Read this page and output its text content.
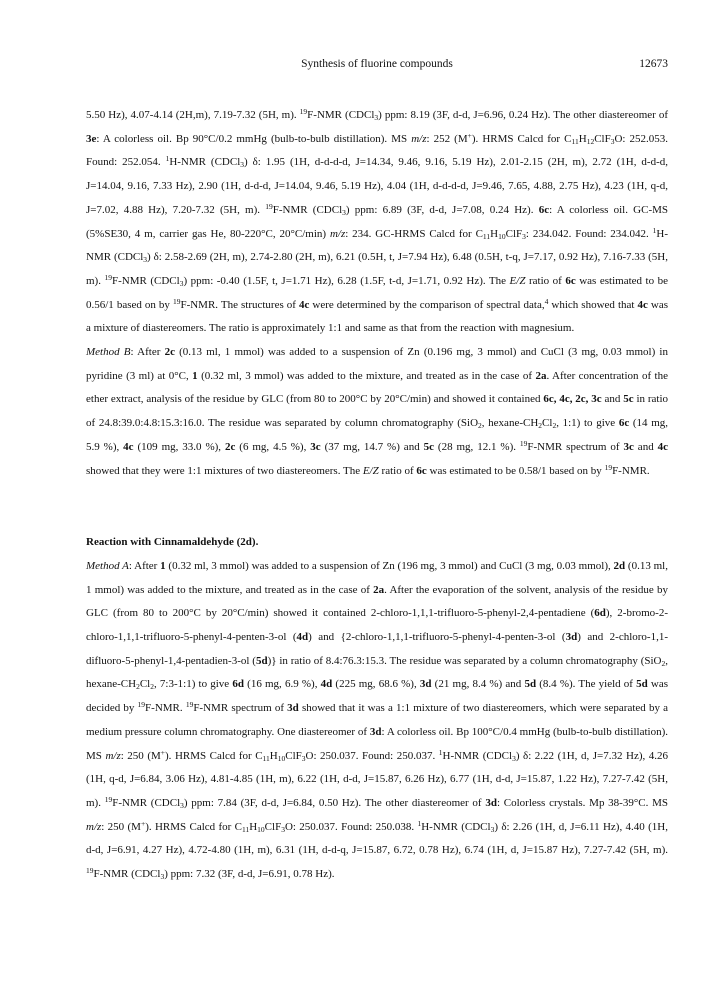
Synthesis of fluorine compounds	12673

5.50 Hz), 4.07-4.14 (2H,m), 7.19-7.32 (5H, m). $^{19}$F-NMR (CDCl$_3$) ppm: 8.19 (3F, d-d, J=6.96, 0.24 Hz). The other diastereomer of 3e: A colorless oil. Bp 90°C/0.2 mmHg (bulb-to-bulb distillation). MS m/z: 252 (M+). HRMS Calcd for $C_{11}H_{12}ClF_3O$: 252.053. Found: 252.054. $^1$H-NMR (CDCl$_3$) δ: 1.95 (1H, d-d-d-d, J=14.34, 9.46, 9.16, 5.19 Hz), 2.01-2.15 (2H, m), 2.72 (1H, d-d-d, J=14.04, 9.16, 7.33 Hz), 2.90 (1H, d-d-d, J=14.04, 9.46, 5.19 Hz), 4.04 (1H, d-d-d-d, J=9.46, 7.65, 4.88, 2.75 Hz), 4.23 (1H, q-d, J=7.02, 4.88 Hz), 7.20-7.32 (5H, m). $^{19}$F-NMR (CDCl$_3$) ppm: 6.89 (3F, d-d, J=7.08, 0.24 Hz). 6c: A colorless oil. GC-MS (5%SE30, 4 m, carrier gas He, 80-220°C, 20°C/min) m/z: 234. GC-HRMS Calcd for $C_{11}H_{10}ClF_3$: 234.042. Found: 234.042. $^1$H-NMR (CDCl$_3$) δ: 2.58-2.69 (2H, m), 2.74-2.80 (2H, m), 6.21 (0.5H, t, J=7.94 Hz), 6.48 (0.5H, t-q, J=7.17, 0.92 Hz), 7.16-7.33 (5H, m). $^{19}$F-NMR (CDCl$_3$) ppm: -0.40 (1.5F, t, J=1.71 Hz), 6.28 (1.5F, t-d, J=1.71, 0.92 Hz). The E/Z ratio of 6c was estimated to be 0.56/1 based on by $^{19}$F-NMR. The structures of 4c were determined by the comparison of spectral data,$^4$ which showed that 4c was a mixture of diastereomers. The ratio is approximately 1:1 and same as that from the reaction with magnesium.

Method B: After 2c (0.13 ml, 1 mmol) was added to a suspension of Zn (0.196 mg, 3 mmol) and CuCl (3 mg, 0.03 mmol) in pyridine (3 ml) at 0°C, 1 (0.32 ml, 3 mmol) was added to the mixture, and treated as in the case of 2a. After concentration of the ether extract, analysis of the residue by GLC (from 80 to 200°C by 20°C/min) and showed it contained 6c, 4c, 2c, 3c and 5c in ratio of 24.8:39.0:4.8:15.3:16.0. The residue was separated by column chromatography (SiO$_2$, hexane-$CH_2Cl_2$, 1:1) to give 6c (14 mg, 5.9 %), 4c (109 mg, 33.0 %), 2c (6 mg, 4.5 %), 3c (37 mg, 14.7 %) and 5c (28 mg, 12.1 %). $^{19}$F-NMR spectrum of 3c and 4c showed that they were 1:1 mixtures of two diastereomers. The E/Z ratio of 6c was estimated to be 0.58/1 based on by $^{19}$F-NMR.

Reaction with Cinnamaldehyde (2d).

Method A: After 1 (0.32 ml, 3 mmol) was added to a suspension of Zn (196 mg, 3 mmol) and CuCl (3 mg, 0.03 mmol), 2d (0.13 ml, 1 mmol) was added to the mixture, and treated as in the case of 2a. After the evaporation of the solvent, analysis of the residue by GLC (from 80 to 200°C by 20°C/min) showed it contained 2-chloro-1,1,1-trifluoro-5-phenyl-2,4-pentadiene (6d), 2-bromo-2-chloro-1,1,1-trifluoro-5-phenyl-4-penten-3-ol (4d) and {2-chloro-1,1,1-trifluoro-5-phenyl-4-penten-3-ol (3d) and 2-chloro-1,1-difluoro-5-phenyl-1,4-pentadien-3-ol (5d)} in ratio of 8.4:76.3:15.3. The residue was separated by a column chromatography (SiO$_2$, hexane-$CH_2Cl_2$, 7:3-1:1) to give 6d (16 mg, 6.9 %), 4d (225 mg, 68.6 %), 3d (21 mg, 8.4 %) and 5d (8.4 %). The yield of 5d was decided by $^{19}$F-NMR. $^{19}$F-NMR spectrum of 3d showed that it was a 1:1 mixture of two diastereomers, which were separated by a medium pressure column chromatography. One diastereomer of 3d: A colorless oil. Bp 100°C/0.4 mmHg (bulb-to-bulb distillation). MS m/z: 250 (M+). HRMS Calcd for $C_{11}H_{10}ClF_3O$: 250.037. Found: 250.037. $^1$H-NMR (CDCl$_3$) δ: 2.22 (1H, d, J=7.32 Hz), 4.26 (1H, q-d, J=6.84, 3.06 Hz), 4.81-4.85 (1H, m), 6.22 (1H, d-d, J=15.87, 6.26 Hz), 6.77 (1H, d-d, J=15.87, 1.22 Hz), 7.27-7.42 (5H, m). $^{19}$F-NMR (CDCl$_3$) ppm: 7.84 (3F, d-d, J=6.84, 0.50 Hz). The other diastereomer of 3d: Colorless crystals. Mp 38-39°C. MS m/z: 250 (M+). HRMS Calcd for $C_{11}H_{10}ClF_3O$: 250.037. Found: 250.038. $^1$H-NMR (CDCl$_3$) δ: 2.26 (1H, d, J=6.11 Hz), 4.40 (1H, d-d, J=6.91, 4.27 Hz), 4.72-4.80 (1H, m), 6.31 (1H, d-d-q, J=15.87, 6.72, 0.78 Hz), 6.74 (1H, d, J=15.87 Hz), 7.27-7.42 (5H, m). $^{19}$F-NMR (CDCl$_3$) ppm: 7.32 (3F, d-d, J=6.91, 0.78 Hz).
